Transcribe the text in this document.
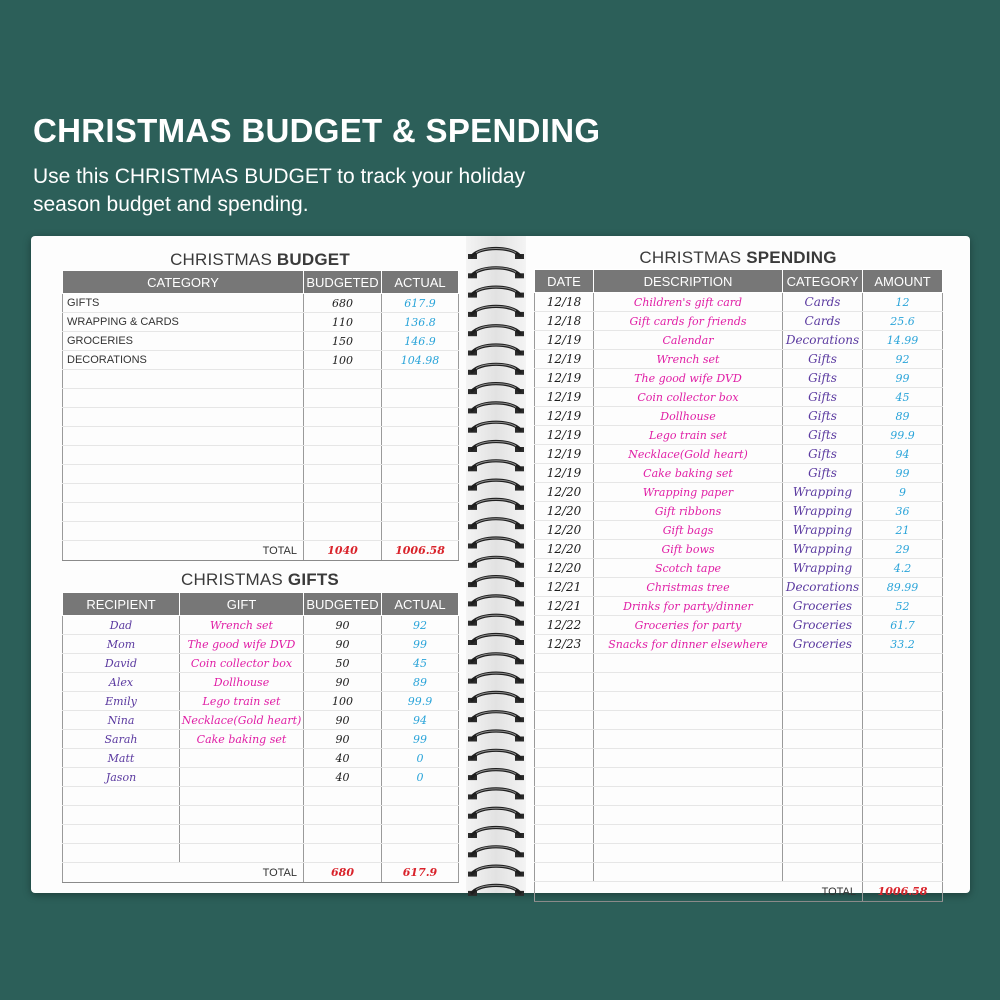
CHRISTMAS BUDGET & SPENDING
Use this CHRISTMAS BUDGET to track your holiday season budget and spending.
CHRISTMAS BUDGET
CATEGORY	BUDGETED	ACTUAL
GIFTS	680	617.9
WRAPPING & CARDS	110	136.8
GROCERIES	150	146.9
DECORATIONS	100	104.98

TOTAL	1040	1006.58
CHRISTMAS GIFTS
RECIPIENT	GIFT	BUDGETED	ACTUAL
Dad	Wrench set	90	92
Mom	The good wife DVD	90	99
David	Coin collector box	50	45
Alex	Dollhouse	90	89
Emily	Lego train set	100	99.9
Nina	Necklace(Gold heart)	90	94
Sarah	Cake baking set	90	99
Matt		40	0
Jason		40	0

TOTAL		680	617.9
CHRISTMAS SPENDING
DATE	DESCRIPTION	CATEGORY	AMOUNT
12/18	Children's gift card	Cards	12
12/18	Gift cards for friends	Cards	25.6
12/19	Calendar	Decorations	14.99
12/19	Wrench set	Gifts	92
12/19	The good wife DVD	Gifts	99
12/19	Coin collector box	Gifts	45
12/19	Dollhouse	Gifts	89
12/19	Lego train set	Gifts	99.9
12/19	Necklace(Gold heart)	Gifts	94
12/19	Cake baking set	Gifts	99
12/20	Wrapping paper	Wrapping	9
12/20	Gift ribbons	Wrapping	36
12/20	Gift bags	Wrapping	21
12/20	Gift bows	Wrapping	29
12/20	Scotch tape	Wrapping	4.2
12/21	Christmas tree	Decorations	89.99
12/21	Drinks for party/dinner	Groceries	52
12/22	Groceries for party	Groceries	61.7
12/23	Snacks for dinner elsewhere	Groceries	33.2

TOTAL			1006.58
